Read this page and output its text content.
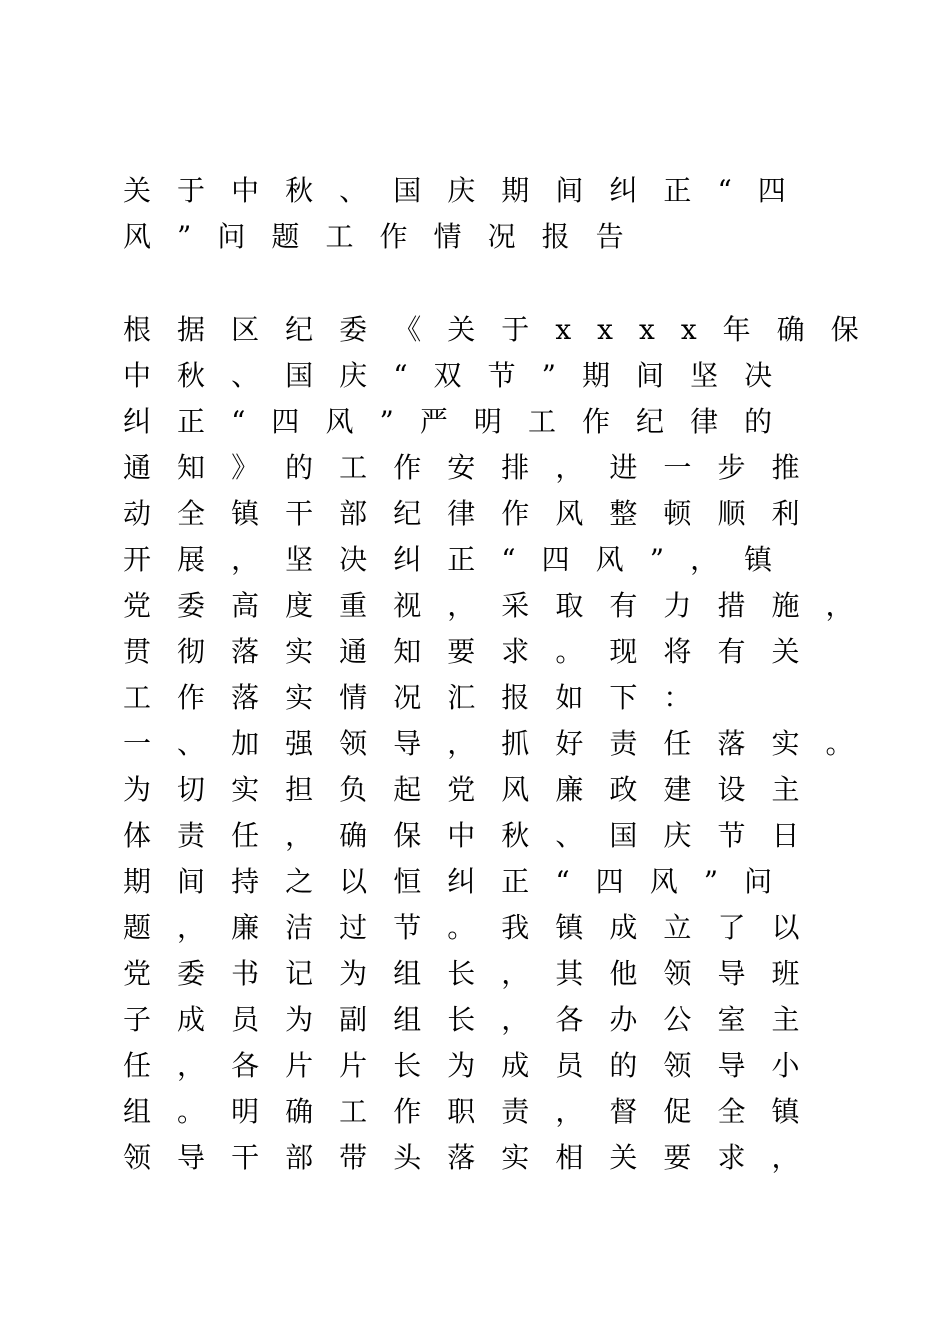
关于中秋、国庆期间纠正“四
风”问题工作情况报告
根据区纪委《关于xxxx年确保
中秋、国庆“双节”期间坚决
纠正“四风”严明工作纪律的
通知》的工作安排，进一步推
动全镇干部纪律作风整顿顺利
开展，坚决纠正“四风”，镇
党委高度重视，采取有力措施，
贯彻落实通知要求。现将有关
工作落实情况汇报如下：
一、加强领导，抓好责任落实。
为切实担负起党风廉政建设主
体责任，确保中秋、国庆节日
期间持之以恒纠正“四风”问
题，廉洁过节。我镇成立了以
党委书记为组长，其他领导班
子成员为副组长，各办公室主
任，各片片长为成员的领导小
组。明确工作职责，督促全镇
领导干部带头落实相关要求，
